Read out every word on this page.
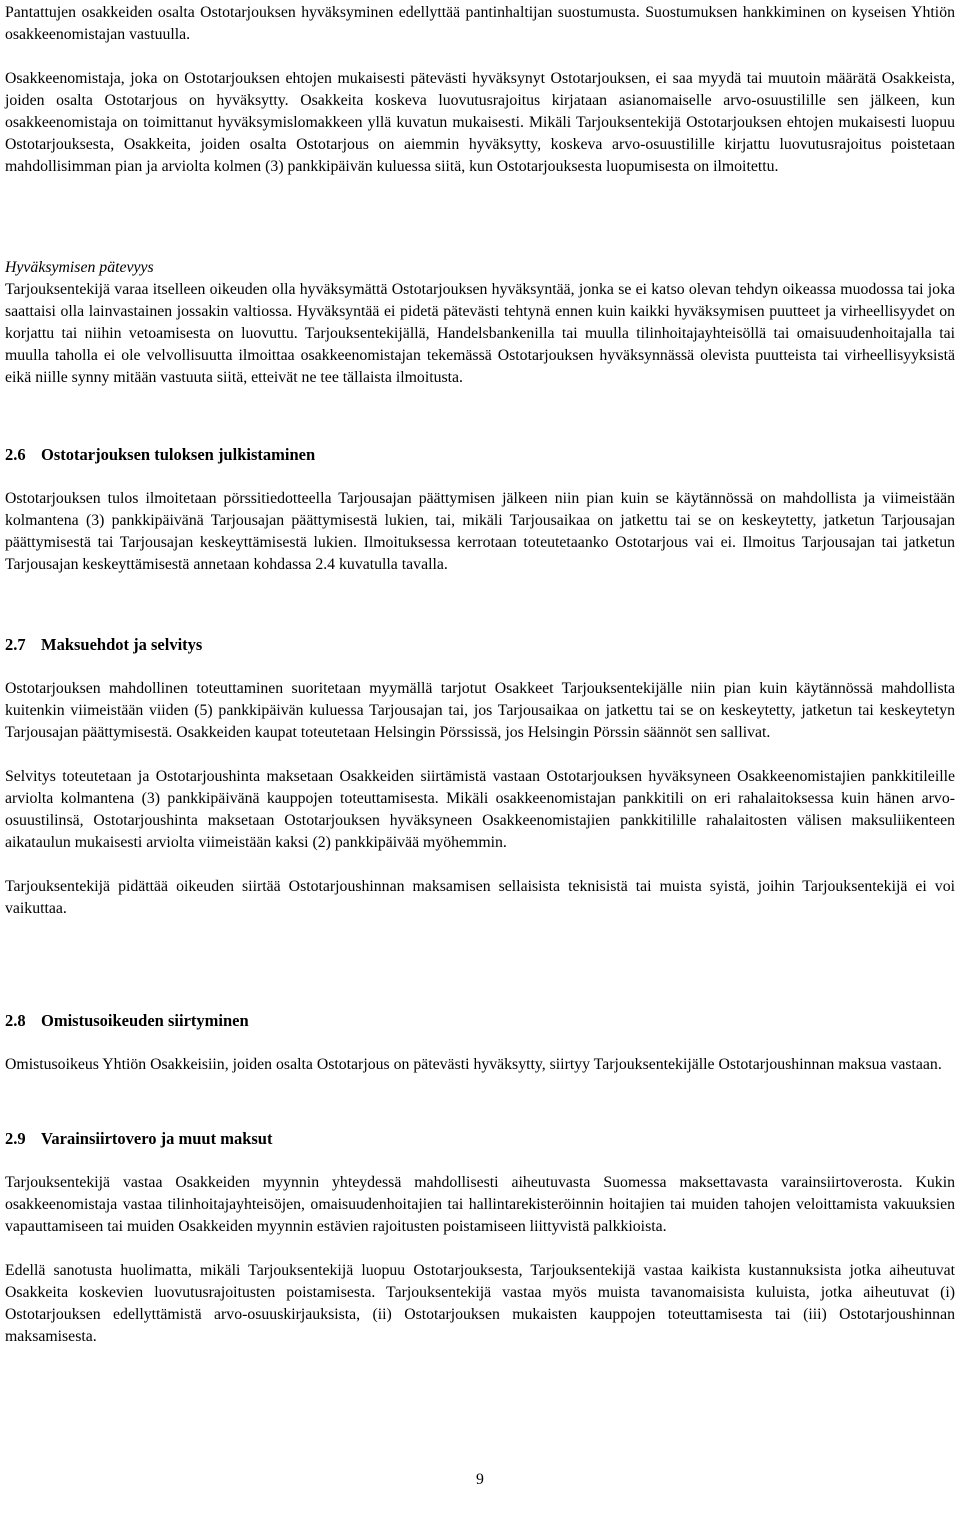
Pantattujen osakkeiden osalta Ostotarjouksen hyväksyminen edellyttää pantinhaltijan suostumusta. Suostumuksen hankkiminen on kyseisen Yhtiön osakkeenomistajan vastuulla.

Osakkeenomistaja, joka on Ostotarjouksen ehtojen mukaisesti pätevästi hyväksynyt Ostotarjouksen, ei saa myydä tai muutoin määrätä Osakkeista, joiden osalta Ostotarjous on hyväksytty. Osakkeita koskeva luovutusrajoitus kirjataan asianomaiselle arvo-osuustilille sen jälkeen, kun osakkeenomistaja on toimittanut hyväksymislomakkeen yllä kuvatun mukaisesti. Mikäli Tarjouksentekijä Ostotarjouksen ehtojen mukaisesti luopuu Ostotarjouksesta, Osakkeita, joiden osalta Ostotarjous on aiemmin hyväksytty, koskeva arvo-osuustilille kirjattu luovutusrajoitus poistetaan mahdollisimman pian ja arviolta kolmen (3) pankkipäivän kuluessa siitä, kun Ostotarjouksesta luopumisesta on ilmoitettu.

Hyväksymisen pätevyys

Tarjouksentekijä varaa itselleen oikeuden olla hyväksymättä Ostotarjouksen hyväksyntää, jonka se ei katso olevan tehdyn oikeassa muodossa tai joka saattaisi olla lainvastainen jossakin valtiossa. Hyväksyntää ei pidetä pätevästi tehtynä ennen kuin kaikki hyväksymisen puutteet ja virheellisyydet on korjattu tai niihin vetoamisesta on luovuttu. Tarjouksentekijällä, Handelsbankenilla tai muulla tilinhoitajayhteisöllä tai omaisuudenhoitajalla tai muulla taholla ei ole velvollisuutta ilmoittaa osakkeenomistajan tekemässä Ostotarjouksen hyväksynnässä olevista puutteista tai virheellisyyksistä eikä niille synny mitään vastuuta siitä, etteivät ne tee tällaista ilmoitusta.

2.6 Ostotarjouksen tuloksen julkistaminen

Ostotarjouksen tulos ilmoitetaan pörssitiedotteella Tarjousajan päättymisen jälkeen niin pian kuin se käytännössä on mahdollista ja viimeistään kolmantena (3) pankkipäivänä Tarjousajan päättymisestä lukien, tai, mikäli Tarjousaikaa on jatkettu tai se on keskeytetty, jatketun Tarjousajan päättymisestä tai Tarjousajan keskeyttämisestä lukien. Ilmoituksessa kerrotaan toteutetaanko Ostotarjous vai ei. Ilmoitus Tarjousajan tai jatketun Tarjousajan keskeyttämisestä annetaan kohdassa 2.4 kuvatulla tavalla.

2.7 Maksuehdot ja selvitys

Ostotarjouksen mahdollinen toteuttaminen suoritetaan myymällä tarjotut Osakkeet Tarjouksentekijälle niin pian kuin käytännössä mahdollista kuitenkin viimeistään viiden (5) pankkipäivän kuluessa Tarjousajan tai, jos Tarjousaikaa on jatkettu tai se on keskeytetty, jatketun tai keskeytetyn Tarjousajan päättymisestä. Osakkeiden kaupat toteutetaan Helsingin Pörssissä, jos Helsingin Pörssin säännöt sen sallivat.

Selvitys toteutetaan ja Ostotarjoushinta maksetaan Osakkeiden siirtämistä vastaan Ostotarjouksen hyväksyneen Osakkeenomistajien pankkitileille arviolta kolmantena (3) pankkipäivänä kauppojen toteuttamisesta. Mikäli osakkeenomistajan pankkitili on eri rahalaitoksessa kuin hänen arvo-osuustilinsä, Ostotarjoushinta maksetaan Ostotarjouksen hyväksyneen Osakkeenomistajien pankkitilille rahalaitosten välisen maksuliikenteen aikataulun mukaisesti arviolta viimeistään kaksi (2) pankkipäivää myöhemmin.

Tarjouksentekijä pidättää oikeuden siirtää Ostotarjoushinnan maksamisen sellaisista teknisistä tai muista syistä, joihin Tarjouksentekijä ei voi vaikuttaa.

2.8 Omistusoikeuden siirtyminen

Omistusoikeus Yhtiön Osakkeisiin, joiden osalta Ostotarjous on pätevästi hyväksytty, siirtyy Tarjouksentekijälle Ostotarjoushinnan maksua vastaan.

2.9 Varainsiirtovero ja muut maksut

Tarjouksentekijä vastaa Osakkeiden myynnin yhteydessä mahdollisesti aiheutuvasta Suomessa maksettavasta varainsiirtoverosta. Kukin osakkeenomistaja vastaa tilinhoitajayhteisöjen, omaisuudenhoitajien tai hallintarekisteröinnin hoitajien tai muiden tahojen veloittamista vakuuksien vapauttamiseen tai muiden Osakkeiden myynnin estävien rajoitusten poistamiseen liittyvistä palkkioista.

Edellä sanotusta huolimatta, mikäli Tarjouksentekijä luopuu Ostotarjouksesta, Tarjouksentekijä vastaa kaikista kustannuksista jotka aiheutuvat Osakkeita koskevien luovutusrajoitusten poistamisesta. Tarjouksentekijä vastaa myös muista tavanomaisista kuluista, jotka aiheutuvat (i) Ostotarjouksen edellyttämistä arvo-osuuskirjauksista, (ii) Ostotarjouksen mukaisten kauppojen toteuttamisesta tai (iii) Ostotarjoushinnan maksamisesta.

9
